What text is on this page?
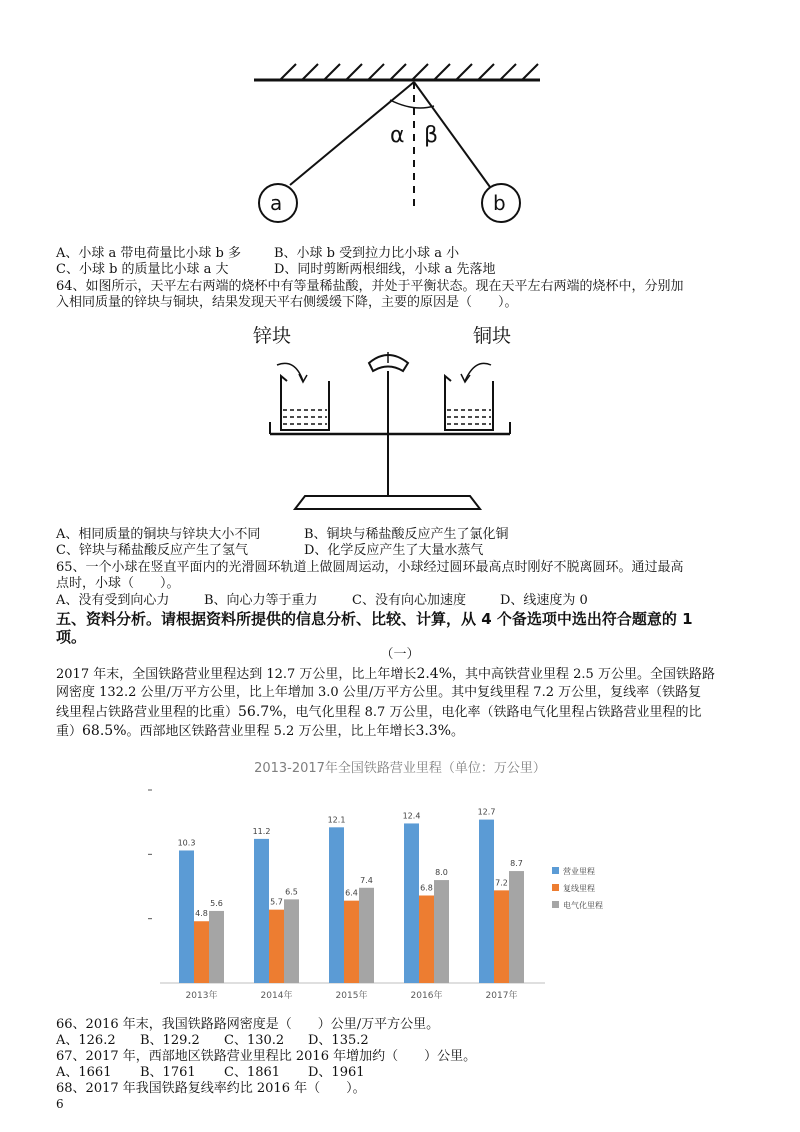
α β
a	b
A、小球 a 带电荷量比小球 b 多	B、小球 b 受到拉力比小球 a 小
C、小球 b 的质量比小球 a 大	D、同时剪断两根细线，小球 a 先落地
64、如图所示，天平左右两端的烧杯中有等量稀盐酸，并处于平衡状态。现在天平左右两端的烧杯中，分别加
入相同质量的锌块与铜块，结果发现天平右侧缓缓下降，主要的原因是（　　）。
锌块	铜块
A、相同质量的铜块与锌块大小不同	B、铜块与稀盐酸反应产生了氯化铜
C、锌块与稀盐酸反应产生了氢气	D、化学反应产生了大量水蒸气
65、一个小球在竖直平面内的光滑圆环轨道上做圆周运动，小球经过圆环最高点时刚好不脱离圆环。通过最高
点时，小球（　　）。
A、没有受到向心力	B、向心力等于重力	C、没有向心加速度	D、线速度为 0
五、资料分析。请根据资料所提供的信息分析、比较、计算，从 4 个备选项中选出符合题意的 1
项。
（一）
2017 年末，全国铁路营业里程达到 12.7 万公里，比上年增长2.4%，其中高铁营业里程 2.5 万公里。全国铁路路
网密度 132.2 公里/万平方公里，比上年增加 3.0 公里/万平方公里。其中复线里程 7.2 万公里，复线率（铁路复
线里程占铁路营业里程的比重）56.7%，电气化里程 8.7 万公里，电化率（铁路电气化里程占铁路营业里程的比
重）68.5%。西部地区铁路营业里程 5.2 万公里，比上年增长3.3%。
2013-2017年全国铁路营业里程（单位：万公里）
10.3
4.8
5.6
11.2
5.7
6.5
12.1
6.4
7.4
12.4
6.8
8.0
12.7
7.2
8.7
2013年	2014年	2015年	2016年	2017年
营业里程
复线里程
电气化里程
66、2016 年末，我国铁路路网密度是（　　）公里/万平方公里。
A、126.2 B、129.2 C、130.2 D、135.2
67、2017 年，西部地区铁路营业里程比 2016 年增加约（　　）公里。
A、1661 B、1761 C、1861 D、1961
68、2017 年我国铁路复线率约比 2016 年（　　）。
6
